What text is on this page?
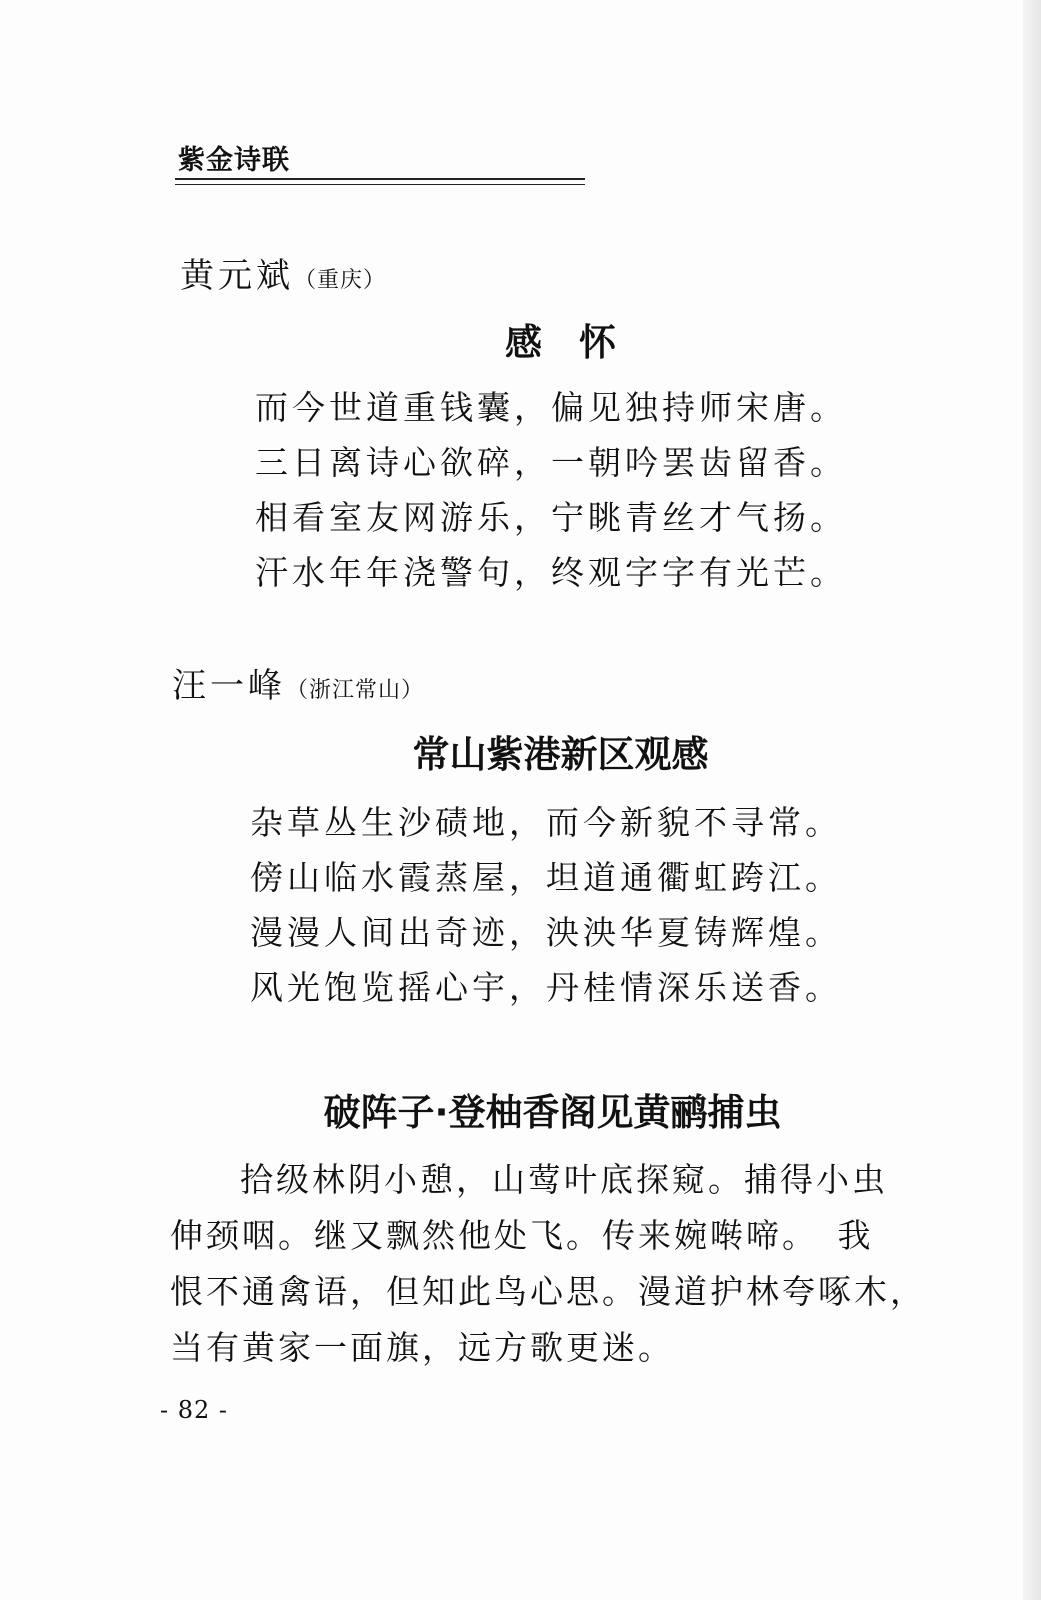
紫金诗联
黄元斌（重庆）
感　怀
而今世道重钱囊，偏见独持师宋唐。
三日离诗心欲碎，一朝吟罢齿留香。
相看室友网游乐，宁眺青丝才气扬。
汗水年年浇警句，终观字字有光芒。
汪一峰（浙江常山）
常山紫港新区观感
杂草丛生沙碛地，而今新貌不寻常。
傍山临水霞蒸屋，坦道通衢虹跨江。
漫漫人间出奇迹，泱泱华夏铸辉煌。
风光饱览摇心宇，丹桂情深乐送香。
破阵子·登柚香阁见黄鹂捕虫
拾级林阴小憩，山莺叶底探窥。捕得小虫
伸颈咽。继又飘然他处飞。传来婉啭啼。　我
恨不通禽语，但知此鸟心思。漫道护林夸啄木，
当有黄家一面旗，远方歌更迷。
- 82 -
